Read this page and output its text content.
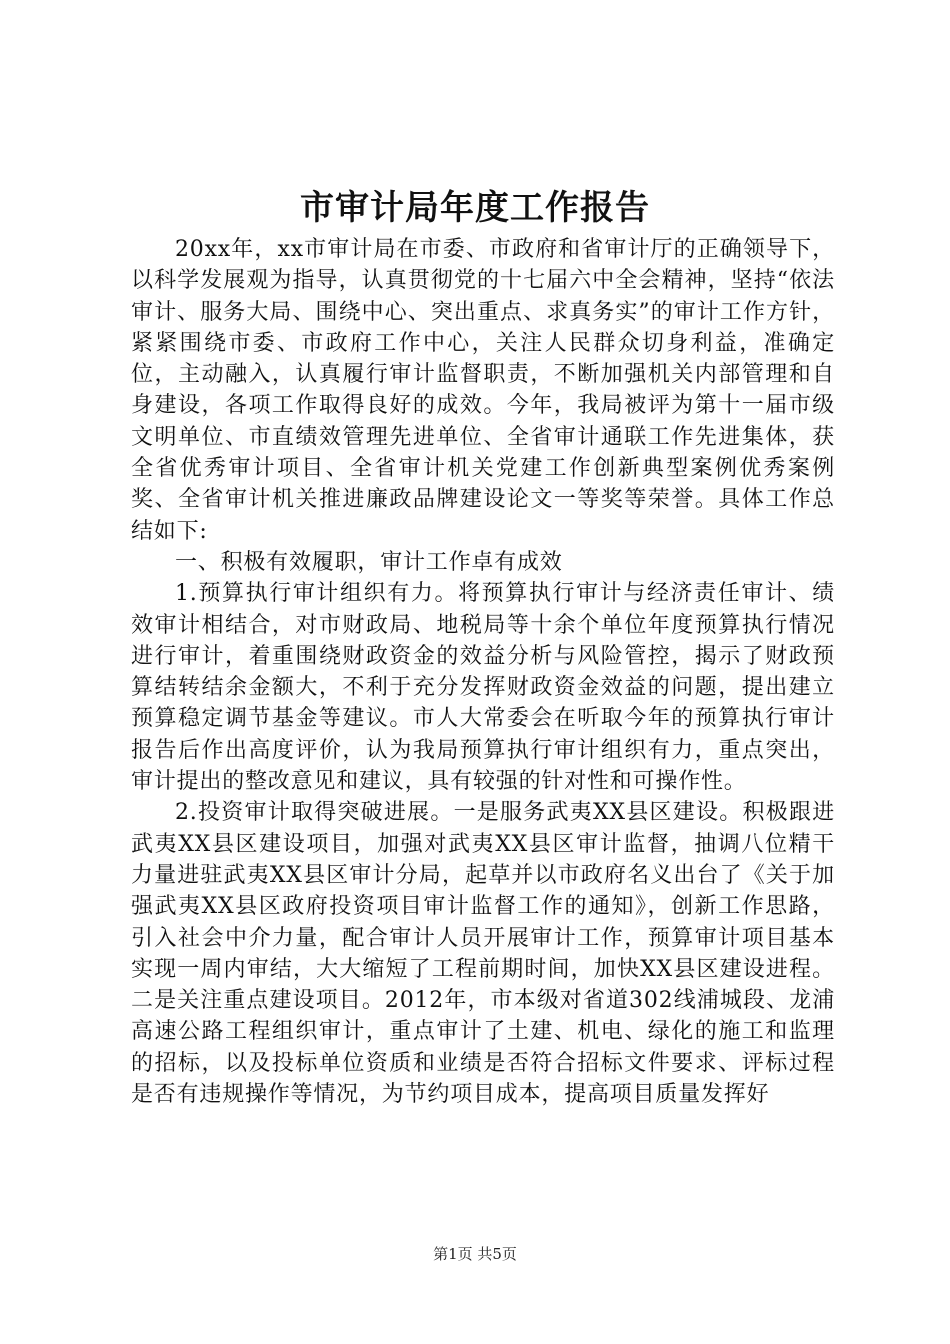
市审计局年度工作报告

20xx年，xx市审计局在市委、市政府和省审计厅的正确领导下，以科学发展观为指导，认真贯彻党的十七届六中全会精神，坚持“依法审计、服务大局、围绕中心、突出重点、求真务实”的审计工作方针，紧紧围绕市委、市政府工作中心，关注人民群众切身利益，准确定位，主动融入，认真履行审计监督职责，不断加强机关内部管理和自身建设，各项工作取得良好的成效。今年，我局被评为第十一届市级文明单位、市直绩效管理先进单位、全省审计通联工作先进集体，获全省优秀审计项目、全省审计机关党建工作创新典型案例优秀案例奖、全省审计机关推进廉政品牌建设论文一等奖等荣誉。具体工作总结如下:

一、积极有效履职，审计工作卓有成效

1.预算执行审计组织有力。将预算执行审计与经济责任审计、绩效审计相结合，对市财政局、地税局等十余个单位年度预算执行情况进行审计，着重围绕财政资金的效益分析与风险管控，揭示了财政预算结转结余金额大，不利于充分发挥财政资金效益的问题，提出建立预算稳定调节基金等建议。市人大常委会在听取今年的预算执行审计报告后作出高度评价，认为我局预算执行审计组织有力，重点突出，审计提出的整改意见和建议，具有较强的针对性和可操作性。

2.投资审计取得突破进展。一是服务武夷XX县区建设。积极跟进武夷XX县区建设项目，加强对武夷XX县区审计监督，抽调八位精干力量进驻武夷XX县区审计分局，起草并以市政府名义出台了《关于加强武夷XX县区政府投资项目审计监督工作的通知》，创新工作思路，引入社会中介力量，配合审计人员开展审计工作，预算审计项目基本实现一周内审结，大大缩短了工程前期时间，加快XX县区建设进程。二是关注重点建设项目。2012年，市本级对省道302线浦城段、龙浦高速公路工程组织审计，重点审计了土建、机电、绿化的施工和监理的招标，以及投标单位资质和业绩是否符合招标文件要求、评标过程是否有违规操作等情况，为节约项目成本，提高项目质量发挥好

第1页 共5页
